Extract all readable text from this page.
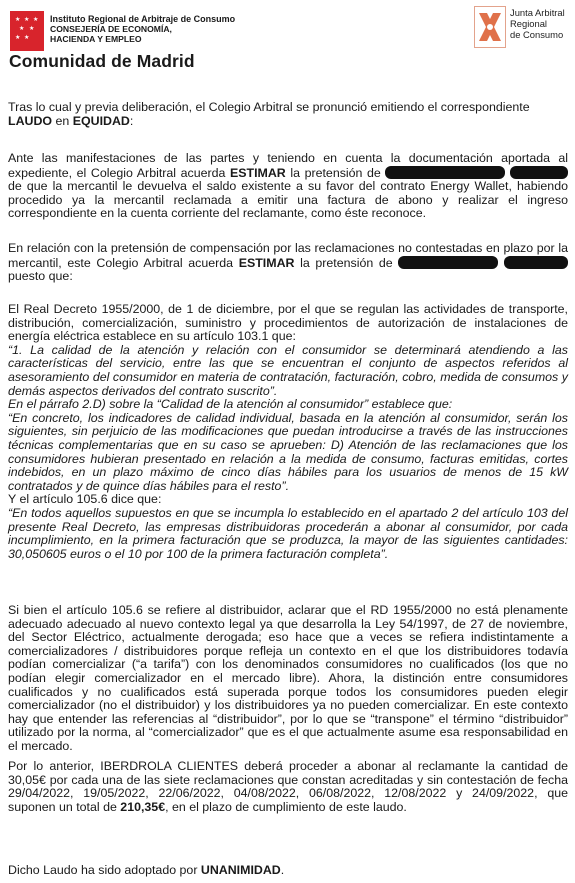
★ ★ ★
★ ★
★ ★
Instituto Regional de Arbitraje de Consumo
CONSEJERÍA DE ECONOMÍA,
HACIENDA Y EMPLEO
Comunidad de Madrid
Junta Arbitral
Regional
de Consumo

Tras lo cual y previa deliberación, el Colegio Arbitral se pronunció emitiendo el correspondiente
LAUDO en EQUIDAD:

Ante las manifestaciones de las partes y teniendo en cuenta la documentación aportada al expediente, el Colegio Arbitral acuerda ESTIMAR la pretensión de   de que la mercantil le devuelva el saldo existente a su favor del contrato Energy Wallet, habiendo procedido ya la mercantil reclamada a emitir una factura de abono y realizar el ingreso correspondiente en la cuenta corriente del reclamante, como éste reconoce.

En relación con la pretensión de compensación por las reclamaciones no contestadas en plazo por la mercantil, este Colegio Arbitral acuerda ESTIMAR la pretensión de   puesto que:

El Real Decreto 1955/2000, de 1 de diciembre, por el que se regulan las actividades de transporte, distribución, comercialización, suministro y procedimientos de autorización de instalaciones de energía eléctrica establece en su artículo 103.1 que:

“1. La calidad de la atención y relación con el consumidor se determinará atendiendo a las características del servicio, entre las que se encuentran el conjunto de aspectos referidos al asesoramiento del consumidor en materia de contratación, facturación, cobro, medida de consumos y demás aspectos derivados del contrato suscrito”.

En el párrafo 2.D) sobre la “Calidad de la atención al consumidor” establece que:

“En concreto, los indicadores de calidad individual, basada en la atención al consumidor, serán los siguientes, sin perjuicio de las modificaciones que puedan introducirse a través de las instrucciones técnicas complementarias que en su caso se aprueben: D) Atención de las reclamaciones que los consumidores hubieran presentado en relación a la medida de consumo, facturas emitidas, cortes indebidos, en un plazo máximo de cinco días hábiles para los usuarios de menos de 15 kW contratados y de quince días hábiles para el resto”.

Y el artículo 105.6 dice que:

“En todos aquellos supuestos en que se incumpla lo establecido en el apartado 2 del artículo 103 del presente Real Decreto, las empresas distribuidoras procederán a abonar al consumidor, por cada incumplimiento, en la primera facturación que se produzca, la mayor de las siguientes cantidades: 30,050605 euros o el 10 por 100 de la primera facturación completa”.

Si bien el artículo 105.6 se refiere al distribuidor, aclarar que el RD 1955/2000 no está plenamente adecuado adecuado al nuevo contexto legal ya que desarrolla la Ley 54/1997, de 27 de noviembre, del Sector Eléctrico, actualmente derogada; eso hace que a veces se refiera indistintamente a comercializadores / distribuidores porque refleja un contexto en el que los distribuidores todavía podían comercializar (“a tarifa”) con los denominados consumidores no cualificados (los que no podían elegir comercializador en el mercado libre). Ahora, la distinción entre consumidores cualificados y no cualificados está superada porque todos los consumidores pueden elegir comercializador (no el distribuidor) y los distribuidores ya no pueden comercializar. En este contexto hay que entender las referencias al “distribuidor”, por lo que se “transpone” el término “distribuidor” utilizado por la norma, al “comercializador” que es el que actualmente asume esa responsabilidad en el mercado.

Por lo anterior, IBERDROLA CLIENTES deberá proceder a abonar al reclamante la cantidad de 30,05€ por cada una de las siete reclamaciones que constan acreditadas y sin contestación de fecha 29/04/2022, 19/05/2022, 22/06/2022, 04/08/2022, 06/08/2022, 12/08/2022 y 24/09/2022, que suponen un total de 210,35€, en el plazo de cumplimiento de este laudo.

Dicho Laudo ha sido adoptado por UNANIMIDAD.
